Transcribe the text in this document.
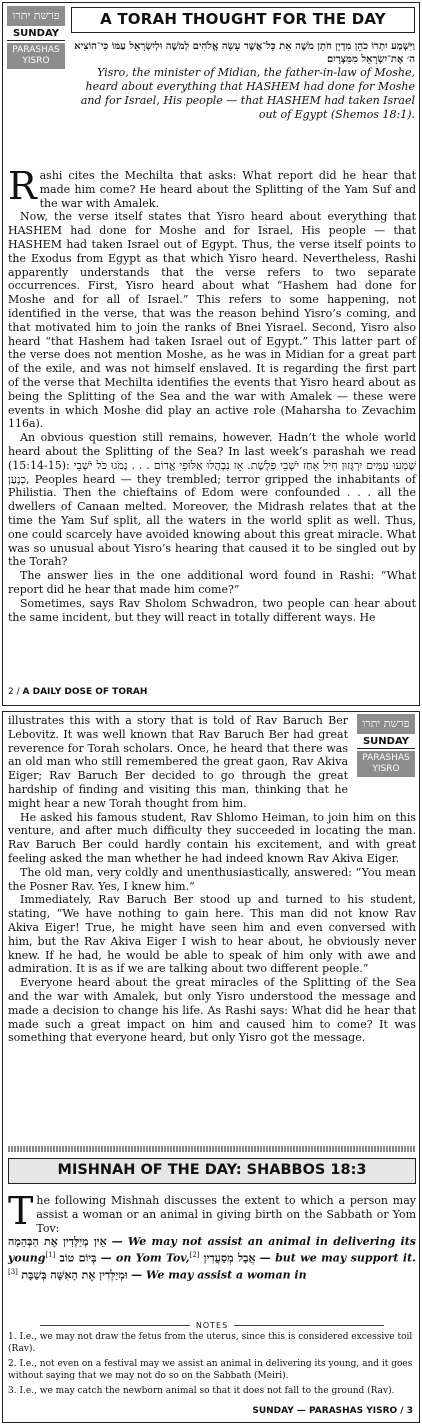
פרשת יתרו
SUNDAY
PARASHAS YISRO
A TORAH THOUGHT FOR THE DAY
וַיִּשְׁמַע יִתְרוֹ כֹהֵן מִדְיָן חֹתֵן מֹשֶׁה אֵת כָּל־אֲשֶׁר עָשָׂה אֱלֹהִים לְמֹשֶׁה וּלְיִשְׂרָאֵל עַמּוֹ כִּי־הוֹצִיא ה׳ אֶת־יִשְׂרָאֵל מִמִּצְרָיִם
Yisro, the minister of Midian, the father-in-law of Moshe, heard about everything that HASHEM had done for Moshe and for Israel, His people — that HASHEM had taken Israel out of Egypt (Shemos 18:1).

Rashi cites the Mechilta that asks: What report did he hear that made him come? He heard about the Splitting of the Yam Suf and the war with Amalek.

Now, the verse itself states that Yisro heard about everything that HASHEM had done for Moshe and for Israel, His people — that HASHEM had taken Israel out of Egypt. Thus, the verse itself points to the Exodus from Egypt as that which Yisro heard. Nevertheless, Rashi apparently understands that the verse refers to two separate occurrences. First, Yisro heard about what “Hashem had done for Moshe and for all of Israel.” This refers to some happening, not identified in the verse, that was the reason behind Yisro’s coming, and that motivated him to join the ranks of Bnei Yisrael. Second, Yisro also heard “that Hashem had taken Israel out of Egypt.” This latter part of the verse does not mention Moshe, as he was in Midian for a great part of the exile, and was not himself enslaved. It is regarding the first part of the verse that Mechilta identifies the events that Yisro heard about as being the Splitting of the Sea and the war with Amalek — these were events in which Moshe did play an active role (Maharsha to Zevachim 116a).

An obvious question still remains, however. Hadn’t the whole world heard about the Splitting of the Sea? In last week’s parashah we read (15:14-15): שָׁמְעוּ עַמִּים יִרְגָּזוּן חִיל אָחַז יֹשְׁבֵי פְּלָשֶׁת. אָז נִבְהֲלוּ אַלּוּפֵי אֱדוֹם . . . נָמֹגוּ כֹּל יֹשְׁבֵי כְנָעַן, Peoples heard — they trembled; terror gripped the inhabitants of Philistia. Then the chieftains of Edom were confounded . . . all the dwellers of Canaan melted. Moreover, the Midrash relates that at the time the Yam Suf split, all the waters in the world split as well. Thus, one could scarcely have avoided knowing about this great miracle. What was so unusual about Yisro’s hearing that caused it to be singled out by the Torah?

The answer lies in the one additional word found in Rashi: “What report did he hear that made him come?”

Sometimes, says Rav Sholom Schwadron, two people can hear about the same incident, but they will react in totally different ways. He

2 / A DAILY DOSE OF TORAH
פרשת יתרו
SUNDAY
PARASHAS YISRO

illustrates this with a story that is told of Rav Baruch Ber Lebovitz. It was well known that Rav Baruch Ber had great reverence for Torah scholars. Once, he heard that there was an old man who still remembered the great gaon, Rav Akiva Eiger; Rav Baruch Ber decided to go through the great hardship of finding and visiting this man, thinking that he might hear a new Torah thought from him.

He asked his famous student, Rav Shlomo Heiman, to join him on this venture, and after much difficulty they succeeded in locating the man. Rav Baruch Ber could hardly contain his excitement, and with great feeling asked the man whether he had indeed known Rav Akiva Eiger.

The old man, very coldly and unenthusiastically, answered: “You mean the Posner Rav. Yes, I knew him.”

Immediately, Rav Baruch Ber stood up and turned to his student, stating, “We have nothing to gain here. This man did not know Rav Akiva Eiger! True, he might have seen him and even conversed with him, but the Rav Akiva Eiger I wish to hear about, he obviously never knew. If he had, he would be able to speak of him only with awe and admiration. It is as if we are talking about two different people.”

Everyone heard about the great miracles of the Splitting of the Sea and the war with Amalek, but only Yisro understood the message and made a decision to change his life. As Rashi says: What did he hear that made such a great impact on him and caused him to come? It was something that everyone heard, but only Yisro got the message.

MISHNAH OF THE DAY: SHABBOS 18:3

The following Mishnah discusses the extent to which a person may assist a woman or an animal in giving birth on the Sabbath or Yom Tov:

אֵין מְיַלְּדִין אֶת הַבְּהֵמָה — We may not assist an animal in delivering its young[1] בְּיוֹם טוֹב — on Yom Tov,[2] אֲבָל מְסַעֲדִין — but we may support it.[3] וּמְיַלְּדִין אֶת הָאִשָּׁה בְּשַׁבָּת — We may assist a woman in

NOTES
1. I.e., we may not draw the fetus from the uterus, since this is considered excessive toil (Rav).
2. I.e., not even on a festival may we assist an animal in delivering its young, and it goes without saying that we may not do so on the Sabbath (Meiri).
3. I.e., we may catch the newborn animal so that it does not fall to the ground (Rav).
SUNDAY — PARASHAS YISRO / 3
